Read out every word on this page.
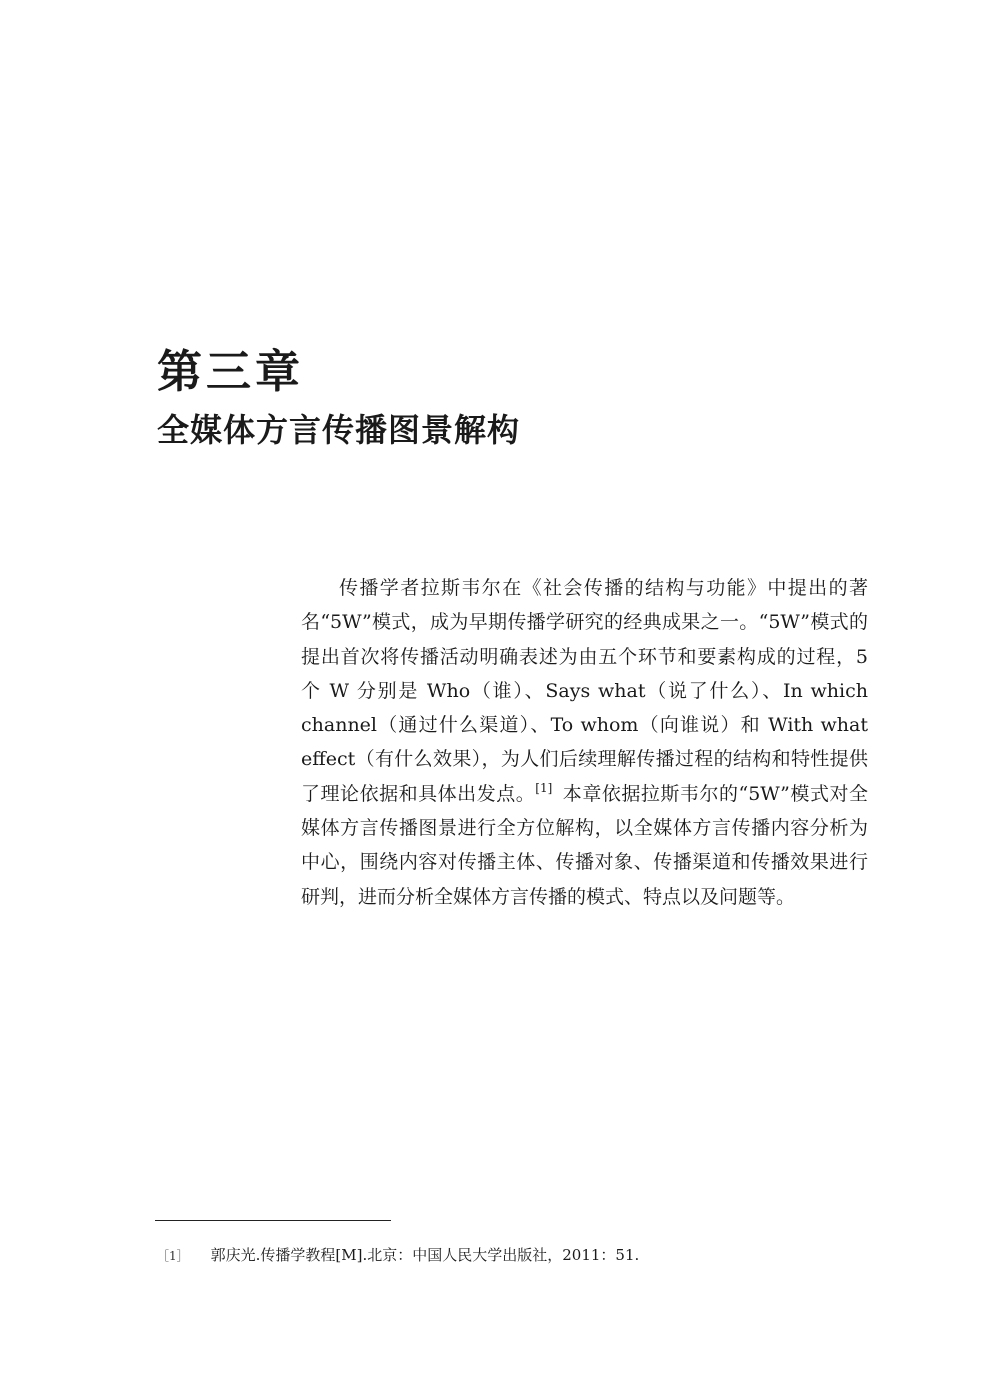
第三章
全媒体方言传播图景解构

传播学者拉斯韦尔在《社会传播的结构与功能》中提出的著名“5W”模式，成为早期传播学研究的经典成果之一。“5W”模式的提出首次将传播活动明确表述为由五个环节和要素构成的过程，5 个 W 分别是 Who（谁）、Says what（说了什么）、In which channel（通过什么渠道）、To whom（向谁说）和 With what effect（有什么效果），为人们后续理解传播过程的结构和特性提供了理论依据和具体出发点。[1] 本章依据拉斯韦尔的“5W”模式对全媒体方言传播图景进行全方位解构，以全媒体方言传播内容分析为中心，围绕内容对传播主体、传播对象、传播渠道和传播效果进行研判，进而分析全媒体方言传播的模式、特点以及问题等。

［1］ 郭庆光.传播学教程[M].北京：中国人民大学出版社，2011：51.
